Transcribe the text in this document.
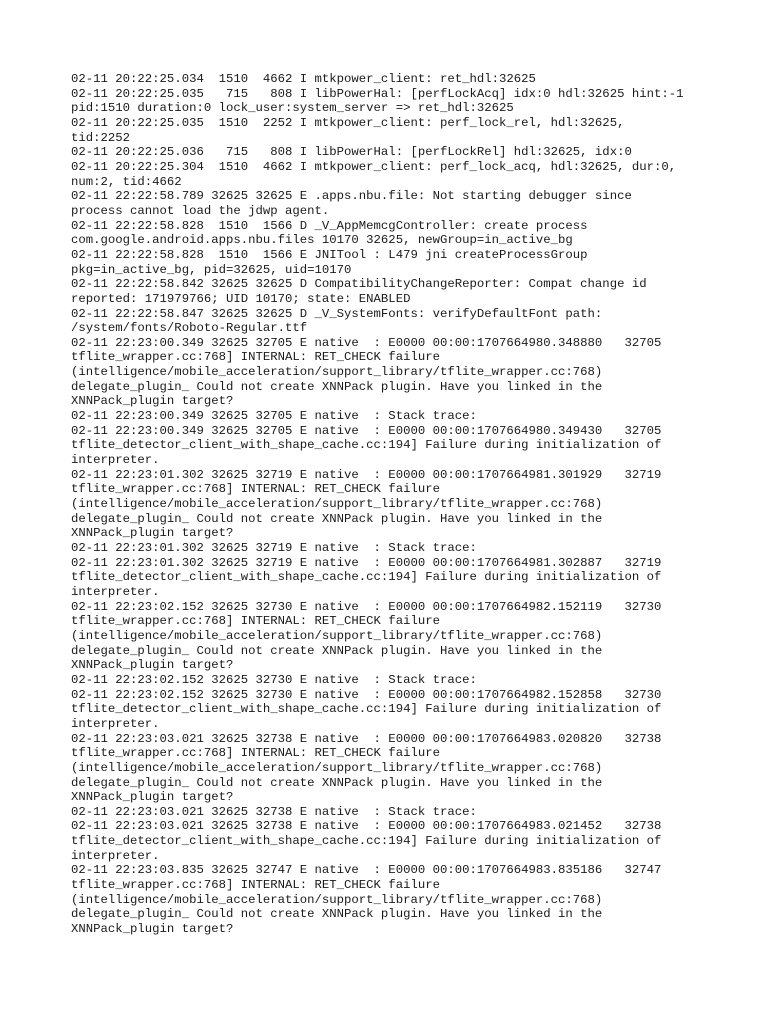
02-11 20:22:25.034  1510  4662 I mtkpower_client: ret_hdl:32625
02-11 20:22:25.035   715   808 I libPowerHal: [perfLockAcq] idx:0 hdl:32625 hint:-1
pid:1510 duration:0 lock_user:system_server => ret_hdl:32625
02-11 20:22:25.035  1510  2252 I mtkpower_client: perf_lock_rel, hdl:32625,
tid:2252
02-11 20:22:25.036   715   808 I libPowerHal: [perfLockRel] hdl:32625, idx:0
02-11 20:22:25.304  1510  4662 I mtkpower_client: perf_lock_acq, hdl:32625, dur:0,
num:2, tid:4662
02-11 22:22:58.789 32625 32625 E .apps.nbu.file: Not starting debugger since
process cannot load the jdwp agent.
02-11 22:22:58.828  1510  1566 D _V_AppMemcgController: create process
com.google.android.apps.nbu.files 10170 32625, newGroup=in_active_bg
02-11 22:22:58.828  1510  1566 E JNITool : L479 jni createProcessGroup
pkg=in_active_bg, pid=32625, uid=10170
02-11 22:22:58.842 32625 32625 D CompatibilityChangeReporter: Compat change id
reported: 171979766; UID 10170; state: ENABLED
02-11 22:22:58.847 32625 32625 D _V_SystemFonts: verifyDefaultFont path:
/system/fonts/Roboto-Regular.ttf
02-11 22:23:00.349 32625 32705 E native  : E0000 00:00:1707664980.348880   32705
tflite_wrapper.cc:768] INTERNAL: RET_CHECK failure
(intelligence/mobile_acceleration/support_library/tflite_wrapper.cc:768)
delegate_plugin_ Could not create XNNPack plugin. Have you linked in the
XNNPack_plugin target?
02-11 22:23:00.349 32625 32705 E native  : Stack trace:
02-11 22:23:00.349 32625 32705 E native  : E0000 00:00:1707664980.349430   32705
tflite_detector_client_with_shape_cache.cc:194] Failure during initialization of
interpreter.
02-11 22:23:01.302 32625 32719 E native  : E0000 00:00:1707664981.301929   32719
tflite_wrapper.cc:768] INTERNAL: RET_CHECK failure
(intelligence/mobile_acceleration/support_library/tflite_wrapper.cc:768)
delegate_plugin_ Could not create XNNPack plugin. Have you linked in the
XNNPack_plugin target?
02-11 22:23:01.302 32625 32719 E native  : Stack trace:
02-11 22:23:01.302 32625 32719 E native  : E0000 00:00:1707664981.302887   32719
tflite_detector_client_with_shape_cache.cc:194] Failure during initialization of
interpreter.
02-11 22:23:02.152 32625 32730 E native  : E0000 00:00:1707664982.152119   32730
tflite_wrapper.cc:768] INTERNAL: RET_CHECK failure
(intelligence/mobile_acceleration/support_library/tflite_wrapper.cc:768)
delegate_plugin_ Could not create XNNPack plugin. Have you linked in the
XNNPack_plugin target?
02-11 22:23:02.152 32625 32730 E native  : Stack trace:
02-11 22:23:02.152 32625 32730 E native  : E0000 00:00:1707664982.152858   32730
tflite_detector_client_with_shape_cache.cc:194] Failure during initialization of
interpreter.
02-11 22:23:03.021 32625 32738 E native  : E0000 00:00:1707664983.020820   32738
tflite_wrapper.cc:768] INTERNAL: RET_CHECK failure
(intelligence/mobile_acceleration/support_library/tflite_wrapper.cc:768)
delegate_plugin_ Could not create XNNPack plugin. Have you linked in the
XNNPack_plugin target?
02-11 22:23:03.021 32625 32738 E native  : Stack trace:
02-11 22:23:03.021 32625 32738 E native  : E0000 00:00:1707664983.021452   32738
tflite_detector_client_with_shape_cache.cc:194] Failure during initialization of
interpreter.
02-11 22:23:03.835 32625 32747 E native  : E0000 00:00:1707664983.835186   32747
tflite_wrapper.cc:768] INTERNAL: RET_CHECK failure
(intelligence/mobile_acceleration/support_library/tflite_wrapper.cc:768)
delegate_plugin_ Could not create XNNPack plugin. Have you linked in the
XNNPack_plugin target?
